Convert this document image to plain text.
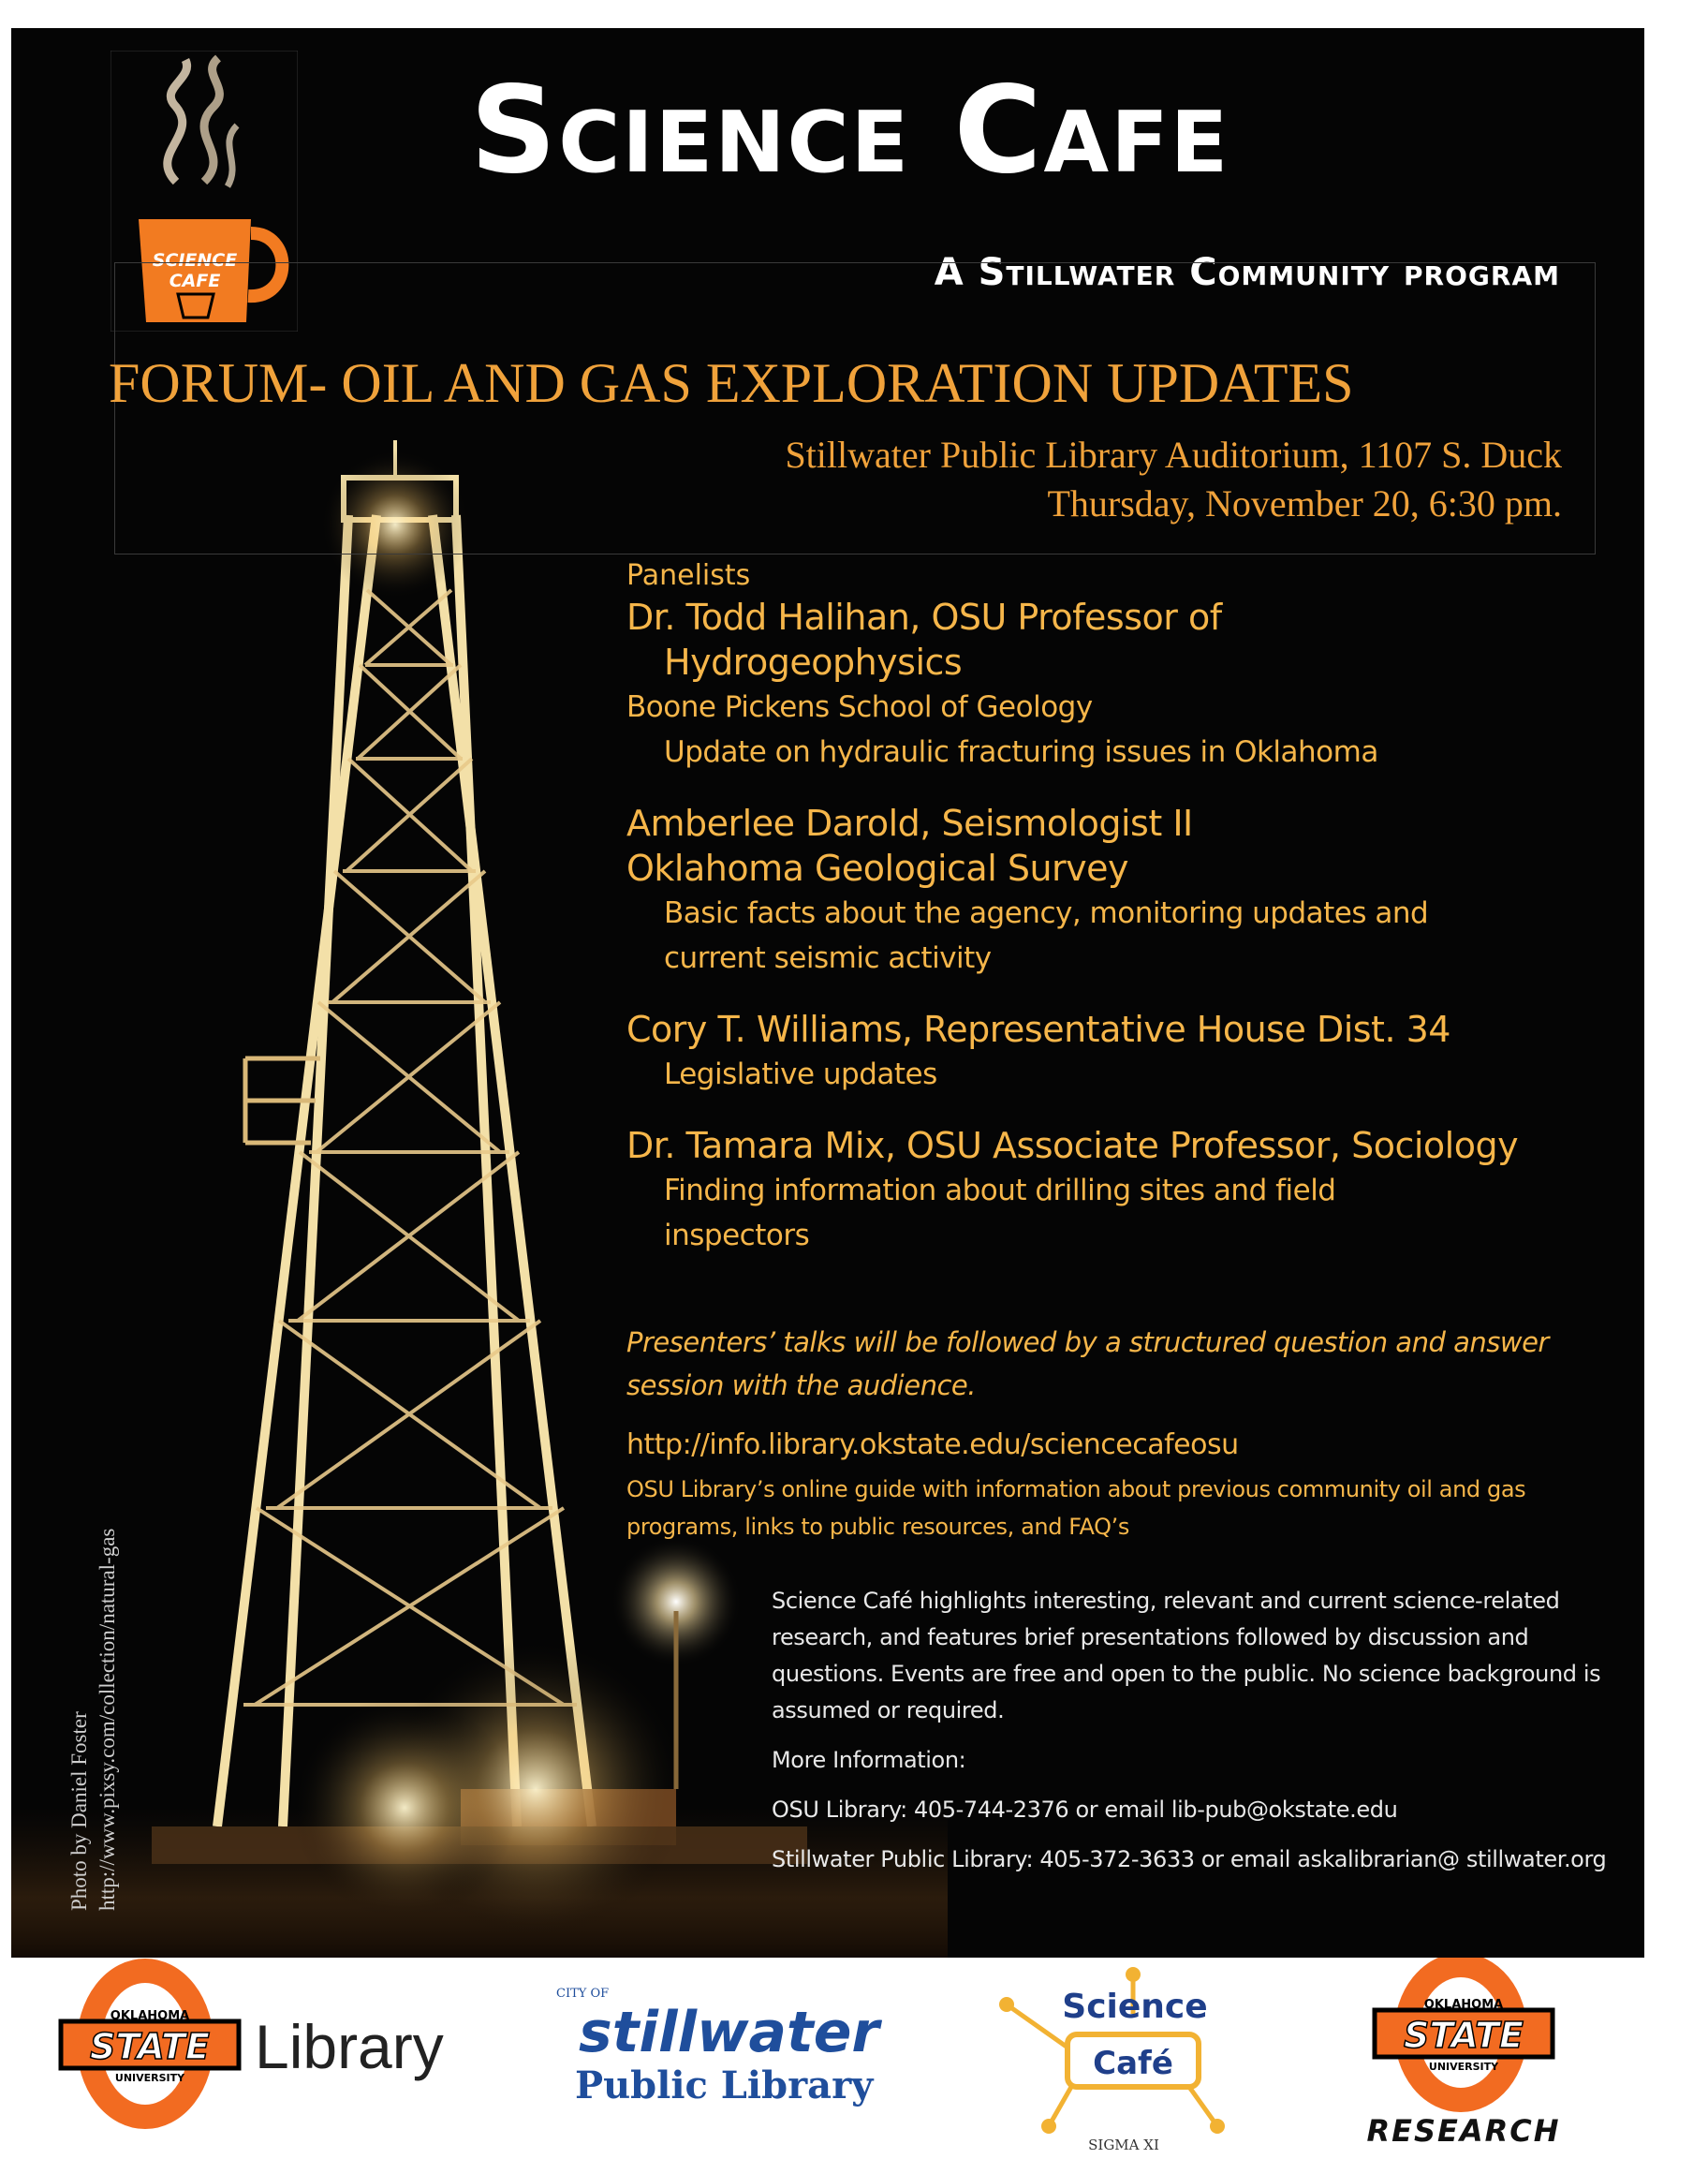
SCIENCE
CAFE
Science Cafe
A Stillwater Community program
FORUM- OIL AND GAS EXPLORATION UPDATES
Stillwater Public Library Auditorium, 1107 S. Duck
Thursday, November 20, 6:30 pm.
Panelists
Dr. Todd Halihan, OSU Professor of
Hydrogeophysics
Boone Pickens School of Geology
Update on hydraulic fracturing issues in Oklahoma
Amberlee Darold, Seismologist II
Oklahoma Geological Survey
Basic facts about the agency, monitoring updates and
current seismic activity
Cory T. Williams, Representative House Dist. 34
Legislative updates
Dr. Tamara Mix, OSU Associate Professor, Sociology
Finding information about drilling sites and field
inspectors
Presenters’ talks will be followed by a structured question and answer session with the audience.
http://info.library.okstate.edu/sciencecafeosu
OSU Library’s online guide with information about previous community oil and gas programs, links to public resources, and FAQ’s

Science Café highlights interesting, relevant and current science-related research, and features brief presentations followed by discussion and questions. Events are free and open to the public. No science background is assumed or required.

More Information:

OSU Library: 405-744-2376 or email lib-pub@okstate.edu

Stillwater Public Library: 405-372-3633 or email askalibrarian@ stillwater.org

Photo by Daniel Foster http://www.pixsy.com/collection/natural-gas
OKLAHOMA
STATE
UNIVERSITY Library
CITY OF
stillwater
Public Library
Science
Café
SIGMA XI
OKLAHOMA
STATE
UNIVERSITY
RESEARCH
